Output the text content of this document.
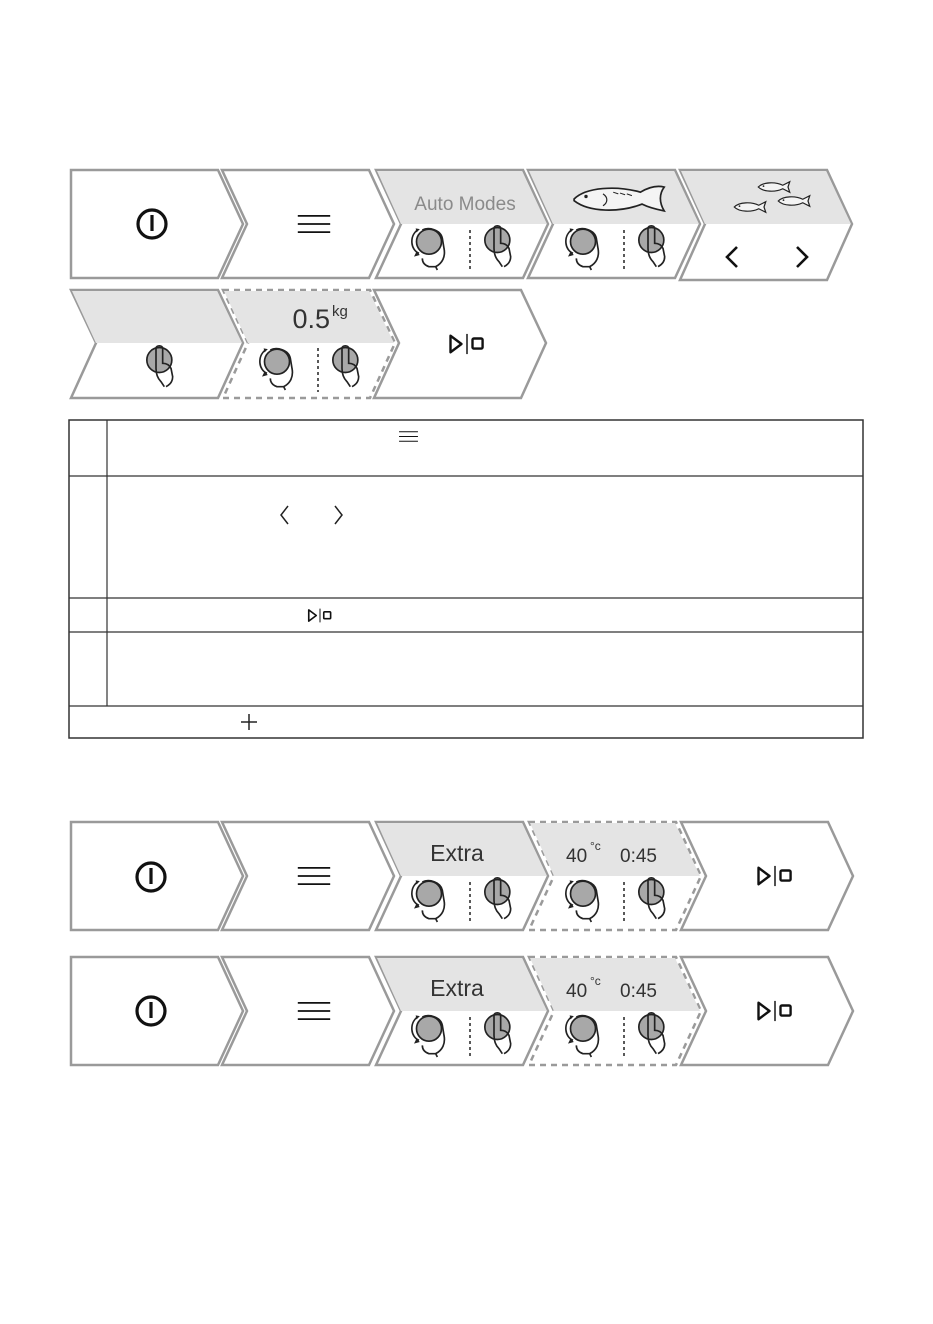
Auto Modes
0.5 kg
Extra	40 °c 0:45
Extra	40 °c 0:45
